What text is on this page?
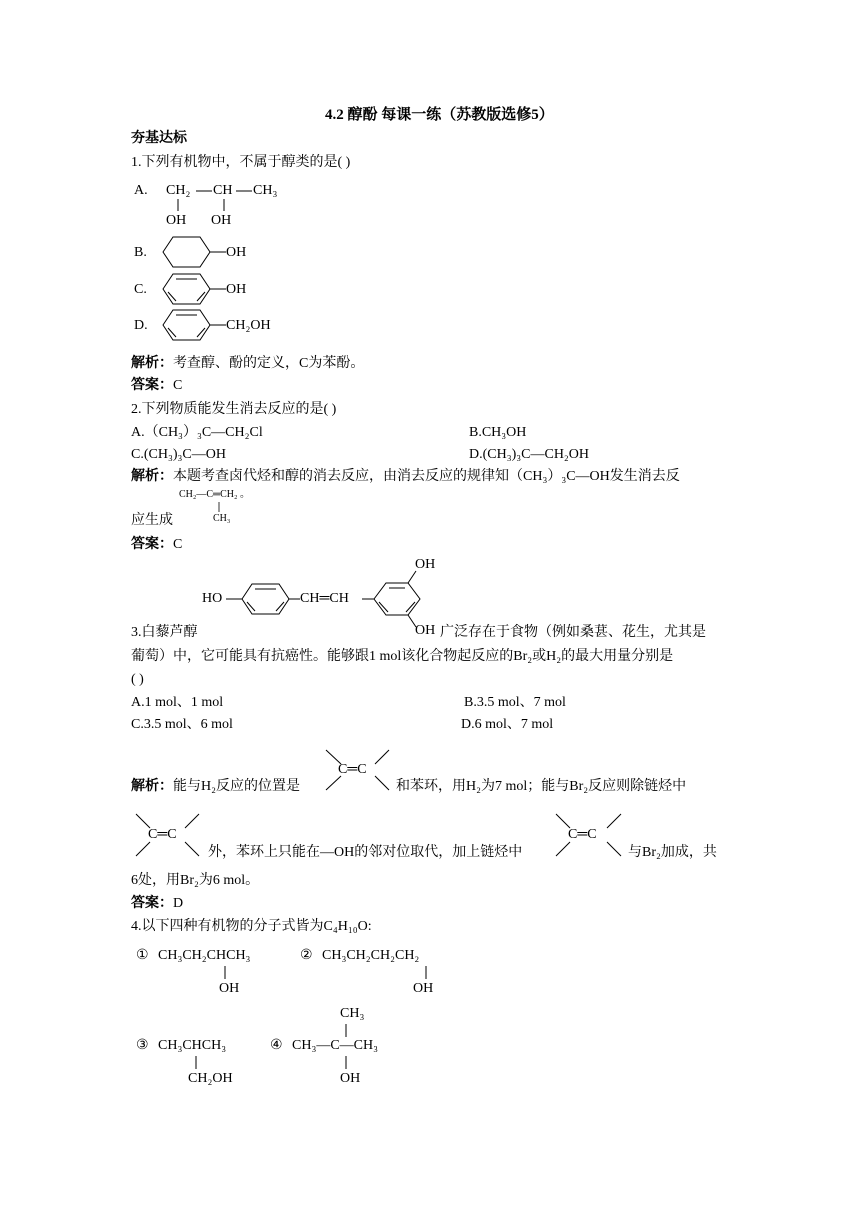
4.2 醇酚 每课一练（苏教版选修5）
夯基达标
1.下列有机物中，不属于醇类的是( )
A. CH₂ CH CH₃
OH OH
B.	OH
C.	OH
D.	CH₂OH
解析：考查醇、酚的定义，C为苯酚。
答案：C
2.下列物质能发生消去反应的是( )
A.（CH₃）₃C—CH₂Cl	B.CH₃OH
C.(CH₃)₃C—OH	D.(CH₃)₃C—CH₂OH
解析：本题考查卤代烃和醇的消去反应，由消去反应的规律知（CH₃）₃C—OH发生消去反
CH₂—C═CH₂ 。
CH₃
应生成
答案：C
HO	CH═CH
OH
OH
3.白藜芦醇	广泛存在于食物（例如桑葚、花生，尤其是
葡萄）中，它可能具有抗癌性。能够跟1 mol该化合物起反应的Br₂或H₂的最大用量分别是
( )
A.1 mol、1 mol	B.3.5 mol、7 mol
C.3.5 mol、6 mol	D.6 mol、7 mol
C═C
解析：能与H₂反应的位置是	和苯环，用H₂为7 mol；能与Br₂反应则除链烃中
C═C	C═C
外，苯环上只能在—OH的邻对位取代，加上链烃中	与Br₂加成，共
6处，用Br₂为6 mol。
答案：D
4.以下四种有机物的分子式皆为C₄H₁₀O:
① CH₃CH₂CHCH₃
OH
② CH₃CH₂CH₂CH₂
OH
③ CH₃CHCH₃
CH₂OH
④ CH₃—C—CH₃
CH₃
OH
